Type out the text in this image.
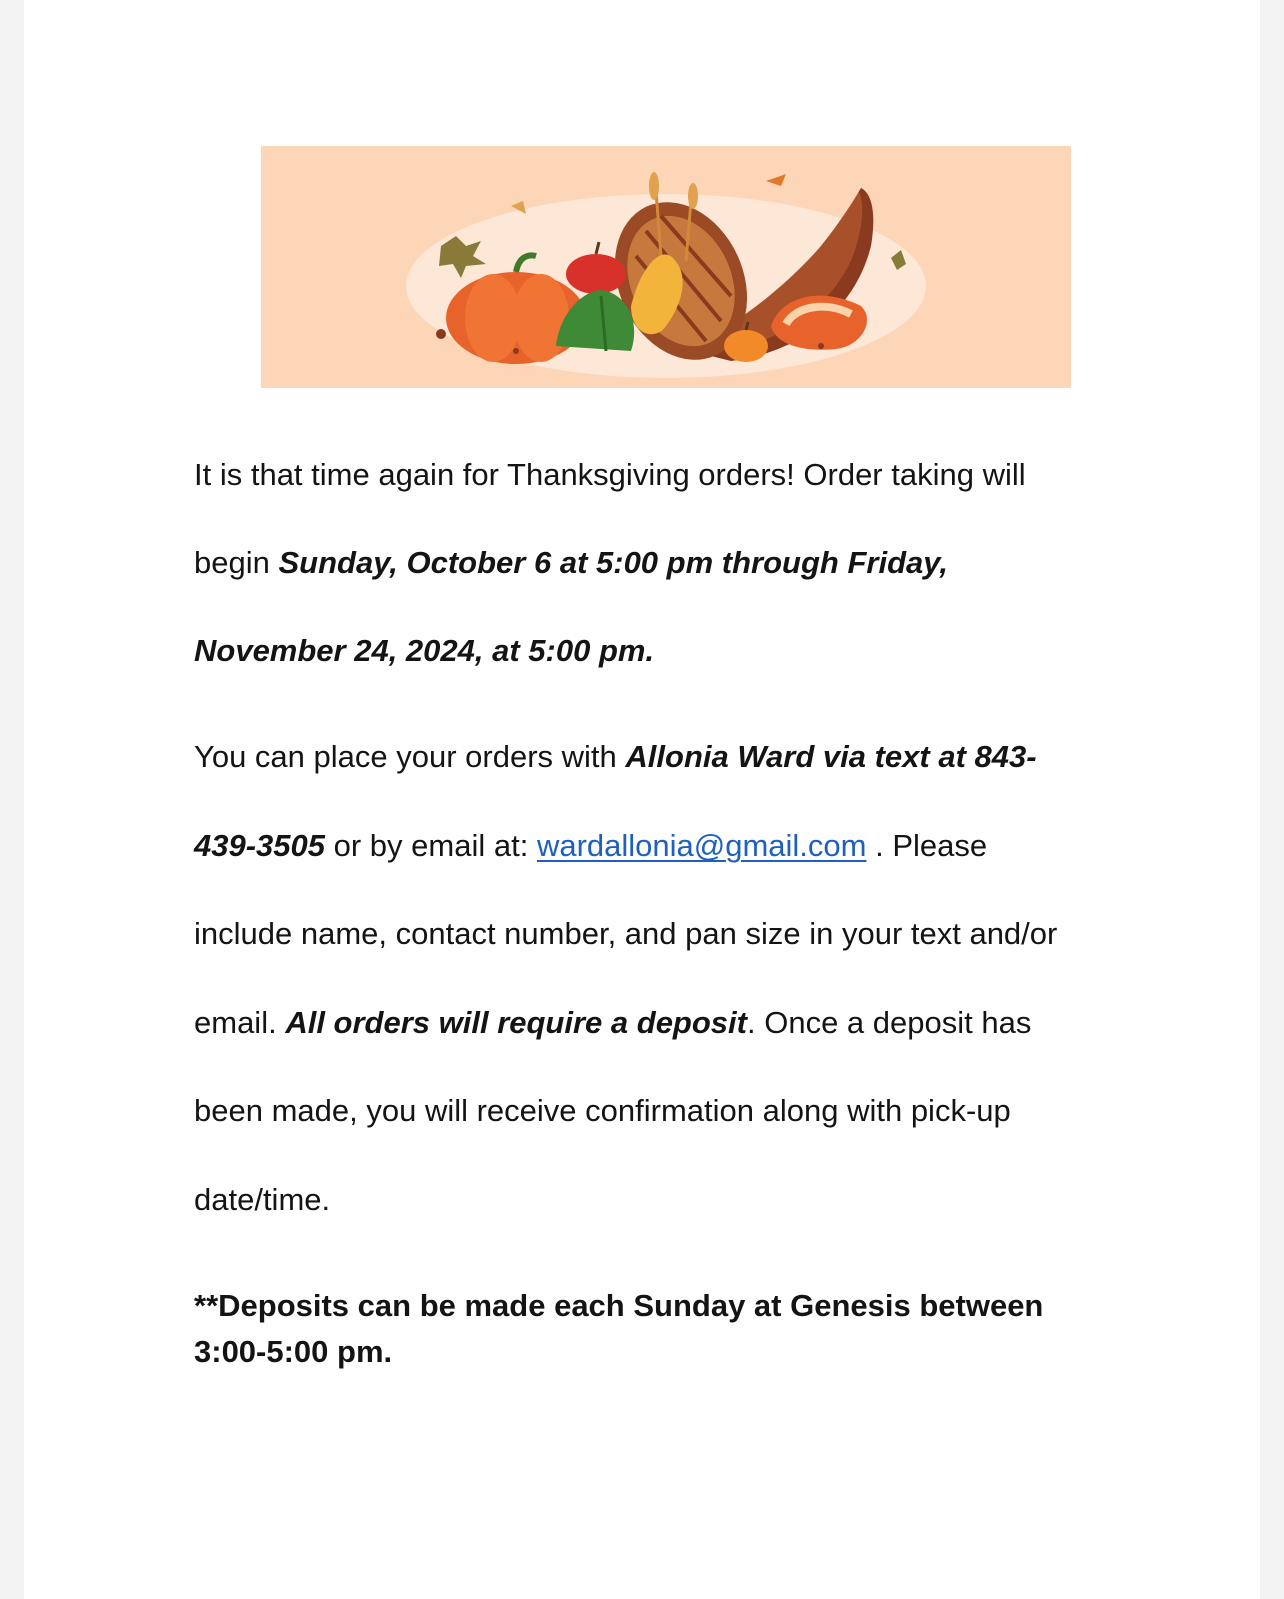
It is that time again for Thanksgiving orders! Order taking will
begin Sunday, October 6 at 5:00 pm through Friday,
November 24, 2024, at 5:00 pm.
You can place your orders with Allonia Ward via text at 843-
439-3505 or by email at: wardallonia@gmail.com . Please
include name, contact number, and pan size in your text and/or
email. All orders will require a deposit. Once a deposit has
been made, you will receive confirmation along with pick-up
date/time.
**Deposits can be made each Sunday at Genesis between
3:00-5:00 pm.
